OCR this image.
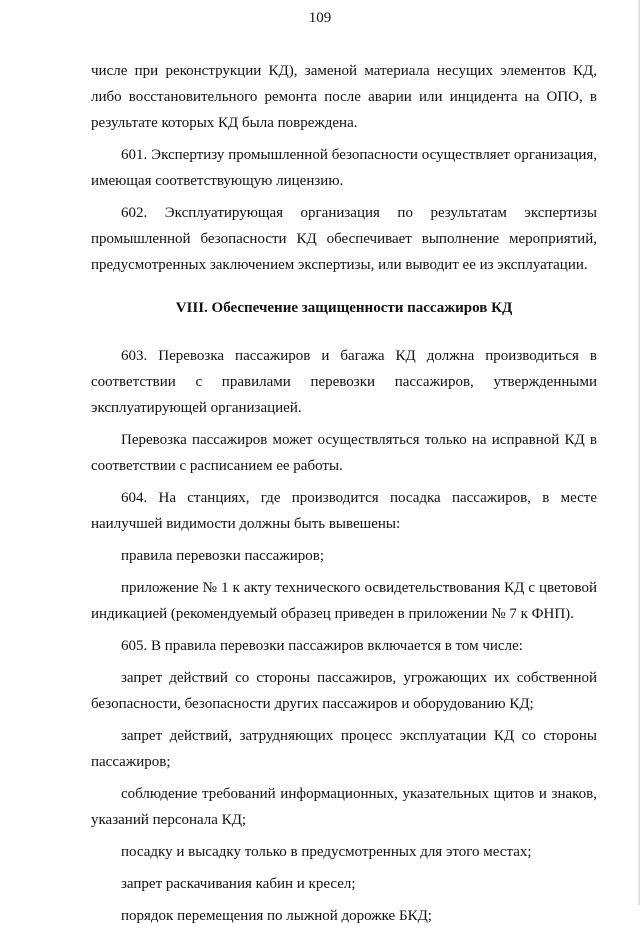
109

числе при реконструкции КД), заменой материала несущих элементов КД, либо восстановительного ремонта после аварии или инцидента на ОПО, в результате которых КД была повреждена.

601. Экспертизу промышленной безопасности осуществляет организация, имеющая соответствующую лицензию.

602. Эксплуатирующая организация по результатам экспертизы промышленной безопасности КД обеспечивает выполнение мероприятий, предусмотренных заключением экспертизы, или выводит ее из эксплуатации.

VIII. Обеспечение защищенности пассажиров КД

603. Перевозка пассажиров и багажа КД должна производиться в соответствии с правилами перевозки пассажиров, утвержденными эксплуатирующей организацией.

Перевозка пассажиров может осуществляться только на исправной КД в соответствии с расписанием ее работы.

604. На станциях, где производится посадка пассажиров, в месте наилучшей видимости должны быть вывешены:

правила перевозки пассажиров;

приложение № 1 к акту технического освидетельствования КД с цветовой индикацией (рекомендуемый образец приведен в приложении № 7 к ФНП).

605. В правила перевозки пассажиров включается в том числе:

запрет действий со стороны пассажиров, угрожающих их собственной безопасности, безопасности других пассажиров и оборудованию КД;

запрет действий, затрудняющих процесс эксплуатации КД со стороны пассажиров;

соблюдение требований информационных, указательных щитов и знаков, указаний персонала КД;

посадку и высадку только в предусмотренных для этого местах;

запрет раскачивания кабин и кресел;

порядок перемещения по лыжной дорожке БКД;
